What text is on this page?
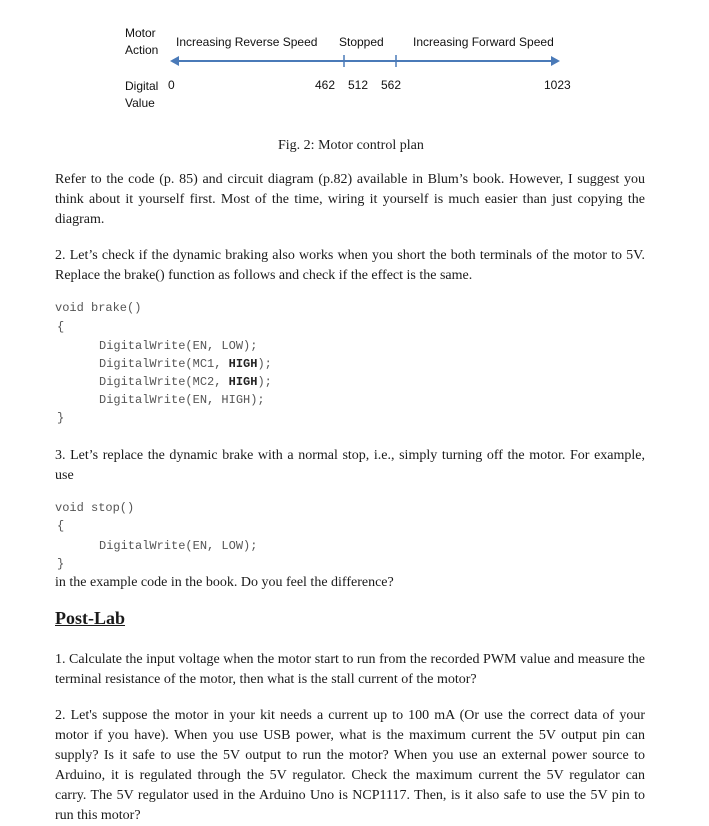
Motor
Action
Increasing Reverse Speed Stopped Increasing Forward Speed
Digital
Value
0	462 512 562	1023
Fig. 2: Motor control plan
Refer to the code (p. 85) and circuit diagram (p.82) available in Blum’s book. However, I suggest you think about it yourself first. Most of the time, wiring it yourself is much easier than just copying the diagram.
2. Let’s check if the dynamic braking also works when you short the both terminals of the motor to 5V. Replace the brake() function as follows and check if the effect is the same.
void brake()
{
DigitalWrite(EN, LOW);
DigitalWrite(MC1, HIGH);
DigitalWrite(MC2, HIGH);
DigitalWrite(EN, HIGH);
}
3. Let’s replace the dynamic brake with a normal stop, i.e., simply turning off the motor. For example, use
void stop()
{
DigitalWrite(EN, LOW);
}
in the example code in the book. Do you feel the difference?
Post-Lab
1. Calculate the input voltage when the motor start to run from the recorded PWM value and measure the terminal resistance of the motor, then what is the stall current of the motor?
2. Let's suppose the motor in your kit needs a current up to 100 mA (Or use the correct data of your motor if you have). When you use USB power, what is the maximum current the 5V output pin can supply? Is it safe to use the 5V output to run the motor? When you use an external power source to Arduino, it is regulated through the 5V regulator. Check the maximum current the 5V regulator can carry. The 5V regulator used in the Arduino Uno is NCP1117. Then, is it also safe to use the 5V pin to run this motor?
